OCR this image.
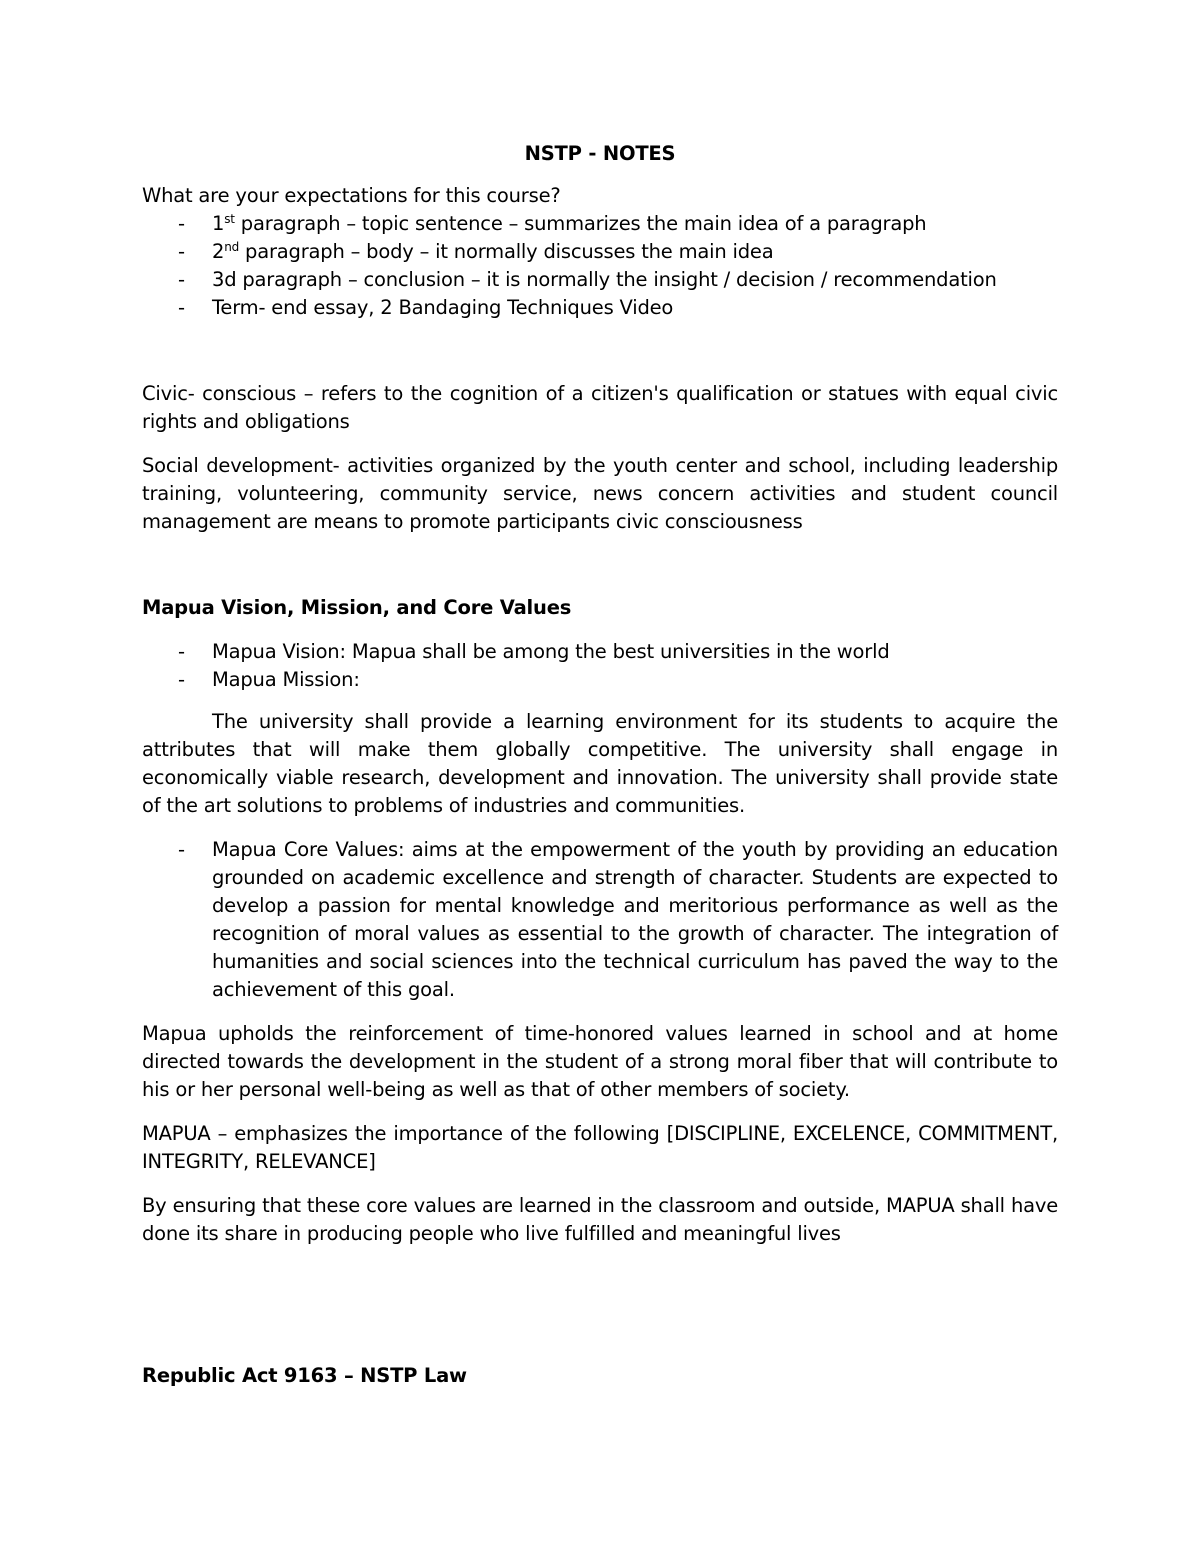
NSTP - NOTES

What are your expectations for this course?

- 1st paragraph – topic sentence – summarizes the main idea of a paragraph
- 2nd paragraph – body – it normally discusses the main idea
- 3d paragraph – conclusion – it is normally the insight / decision / recommendation
- Term- end essay, 2 Bandaging Techniques Video

Civic- conscious – refers to the cognition of a citizen's qualification or statues with equal civic rights and obligations

Social development- activities organized by the youth center and school, including leadership training, volunteering, community service, news concern activities and student council management are means to promote participants civic consciousness

Mapua Vision, Mission, and Core Values
- Mapua Vision: Mapua shall be among the best universities in the world
- Mapua Mission:

The university shall provide a learning environment for its students to acquire the attributes that will make them globally competitive. The university shall engage in economically viable research, development and innovation. The university shall provide state of the art solutions to problems of industries and communities.

- Mapua Core Values: aims at the empowerment of the youth by providing an education grounded on academic excellence and strength of character. Students are expected to develop a passion for mental knowledge and meritorious performance as well as the recognition of moral values as essential to the growth of character. The integration of humanities and social sciences into the technical curriculum has paved the way to the achievement of this goal.

Mapua upholds the reinforcement of time-honored values learned in school and at home directed towards the development in the student of a strong moral fiber that will contribute to his or her personal well-being as well as that of other members of society.

MAPUA – emphasizes the importance of the following [DISCIPLINE, EXCELENCE, COMMITMENT, INTEGRITY, RELEVANCE]

By ensuring that these core values are learned in the classroom and outside, MAPUA shall have done its share in producing people who live fulfilled and meaningful lives

Republic Act 9163 – NSTP Law
